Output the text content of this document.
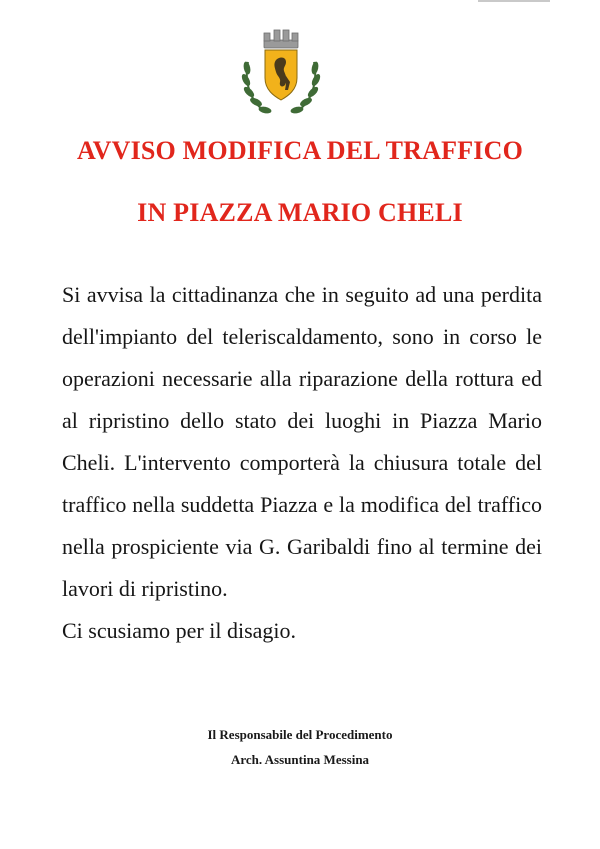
AVVISO MODIFICA DEL TRAFFICO
IN PIAZZA MARIO CHELI

Si avvisa la cittadinanza che in seguito ad una perdita dell'impianto del teleriscaldamento, sono in corso le operazioni necessarie alla riparazione della rottura ed al ripristino dello stato dei luoghi in Piazza Mario Cheli. L'intervento comporterà la chiusura totale del traffico nella suddetta Piazza e la modifica del traffico nella prospiciente via G. Garibaldi fino al termine dei lavori di ripristino.

Ci scusiamo per il disagio.

Il Responsabile del Procedimento
Arch. Assuntina Messina
